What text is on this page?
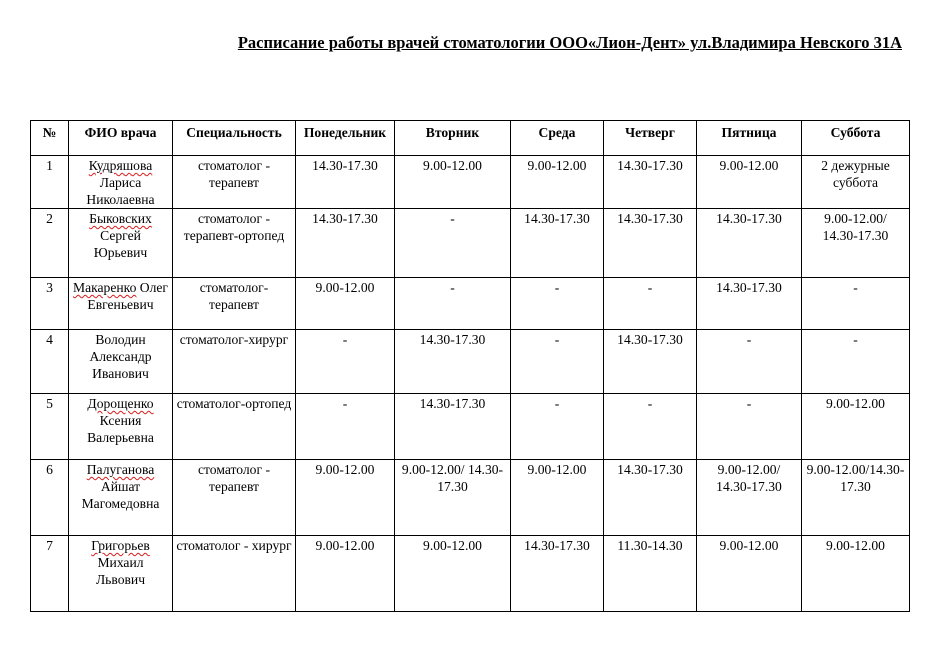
Расписание работы врачей стоматологии ООО«Лион-Дент» ул.Владимира Невского 31А
№	ФИО врача	Специальность	Понедельник	Вторник	Среда	Четверг	Пятница	Суббота
1	Кудряшова Лариса Николаевна	стоматолог - терапевт	14.30-17.30	9.00-12.00	9.00-12.00	14.30-17.30	9.00-12.00	2 дежурные суббота
2	Быковских Сергей Юрьевич	стоматолог - терапевт-ортопед	14.30-17.30	-	14.30-17.30	14.30-17.30	14.30-17.30	9.00-12.00/ 14.30-17.30
3	Макаренко Олег Евгеньевич	стоматолог-терапевт	9.00-12.00	-	-	-	14.30-17.30	-
4	Володин Александр Иванович	стоматолог-хирург	-	14.30-17.30	-	14.30-17.30	-	-
5	Дорощенко Ксения Валерьевна	стоматолог-ортопед	-	14.30-17.30	-	-	-	9.00-12.00
6	Палуганова Айшат Магомедовна	стоматолог - терапевт	9.00-12.00	9.00-12.00/ 14.30-17.30	9.00-12.00	14.30-17.30	9.00-12.00/ 14.30-17.30	9.00-12.00/14.30-17.30
7	Григорьев Михаил Львович	стоматолог - хирург	9.00-12.00	9.00-12.00	14.30-17.30	11.30-14.30	9.00-12.00	9.00-12.00
